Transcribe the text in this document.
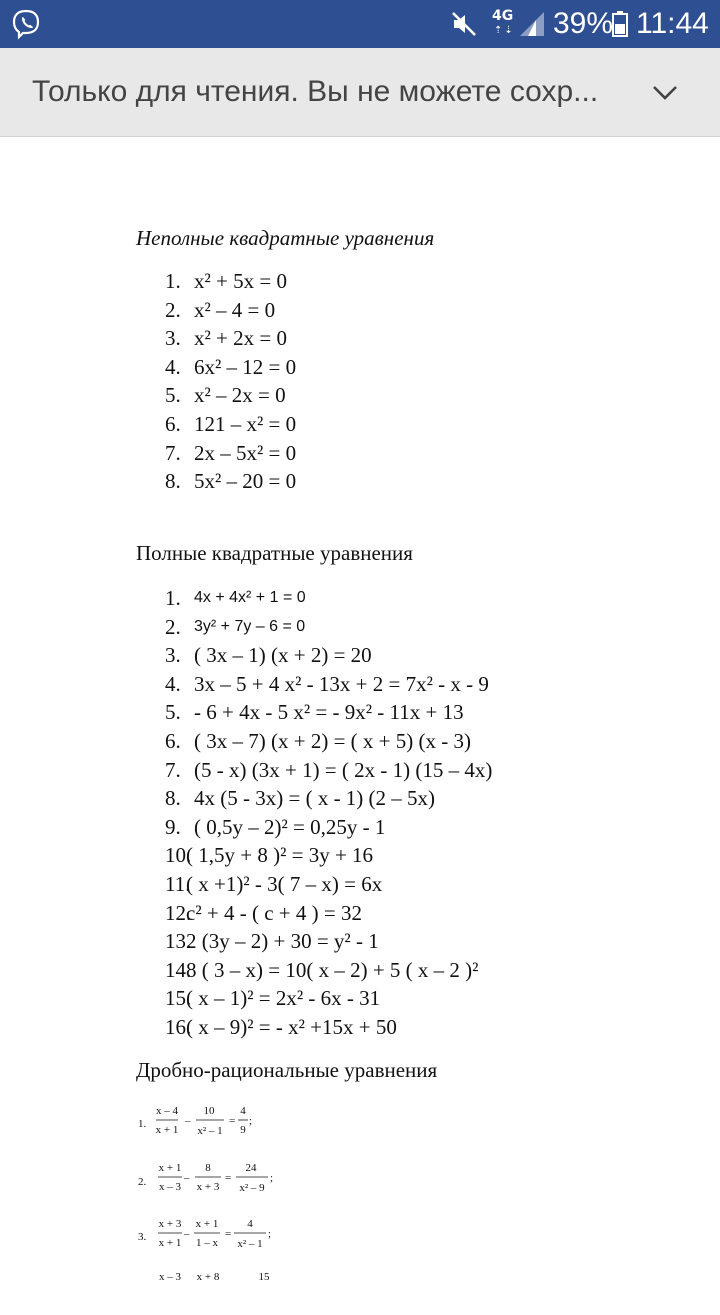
4G
⇡⇣ 39% 11:44
Только для чтения. Вы не можете сохр...
Неполные квадратные уравнения
1. x² + 5x = 0
2. x² – 4 = 0
3. x² + 2x = 0
4. 6x² – 12 = 0
5. x² – 2x = 0
6. 121 – x² = 0
7. 2x – 5x² = 0
8. 5x² – 20 = 0
Полные квадратные уравнения
1. 4x + 4x² + 1 = 0
2. 3y² + 7y – 6 = 0
3. ( 3x – 1) (x + 2) = 20
4. 3x – 5 + 4 x² - 13x + 2 = 7x² - x - 9
5. - 6 + 4x - 5 x² = - 9x² - 11x + 13
6. ( 3x – 7) (x + 2) = ( x + 5) (x - 3)
7. (5 - x) (3x + 1) = ( 2x - 1) (15 – 4x)
8. 4x (5 - 3x) = ( x - 1) (2 – 5x)
9. ( 0,5y – 2)² = 0,25y - 1
10.
( 1,5y + 8 )² = 3y + 16
11.
( x +1)² - 3( 7 – x) = 6x
12.
c² + 4 - ( c + 4 ) = 32
13.
2 (3y – 2) + 30 = y² - 1
14.
8 ( 3 – x) = 10( x – 2) + 5 ( x – 2 )²
15.
( x – 1)² = 2x² - 6x - 31
16.
( x – 9)² = - x² +15x + 50
Дробно-рациональные уравнения
1.
x – 4
x + 1
–
10
x² – 1
=
4
9
;
2.
x + 1
x – 3
–
8
x + 3
=
24
x² – 9
;
3.
x + 3
x + 1
–
x + 1
1 – x
=
4
x² – 1
;
x – 3 x + 8	15
